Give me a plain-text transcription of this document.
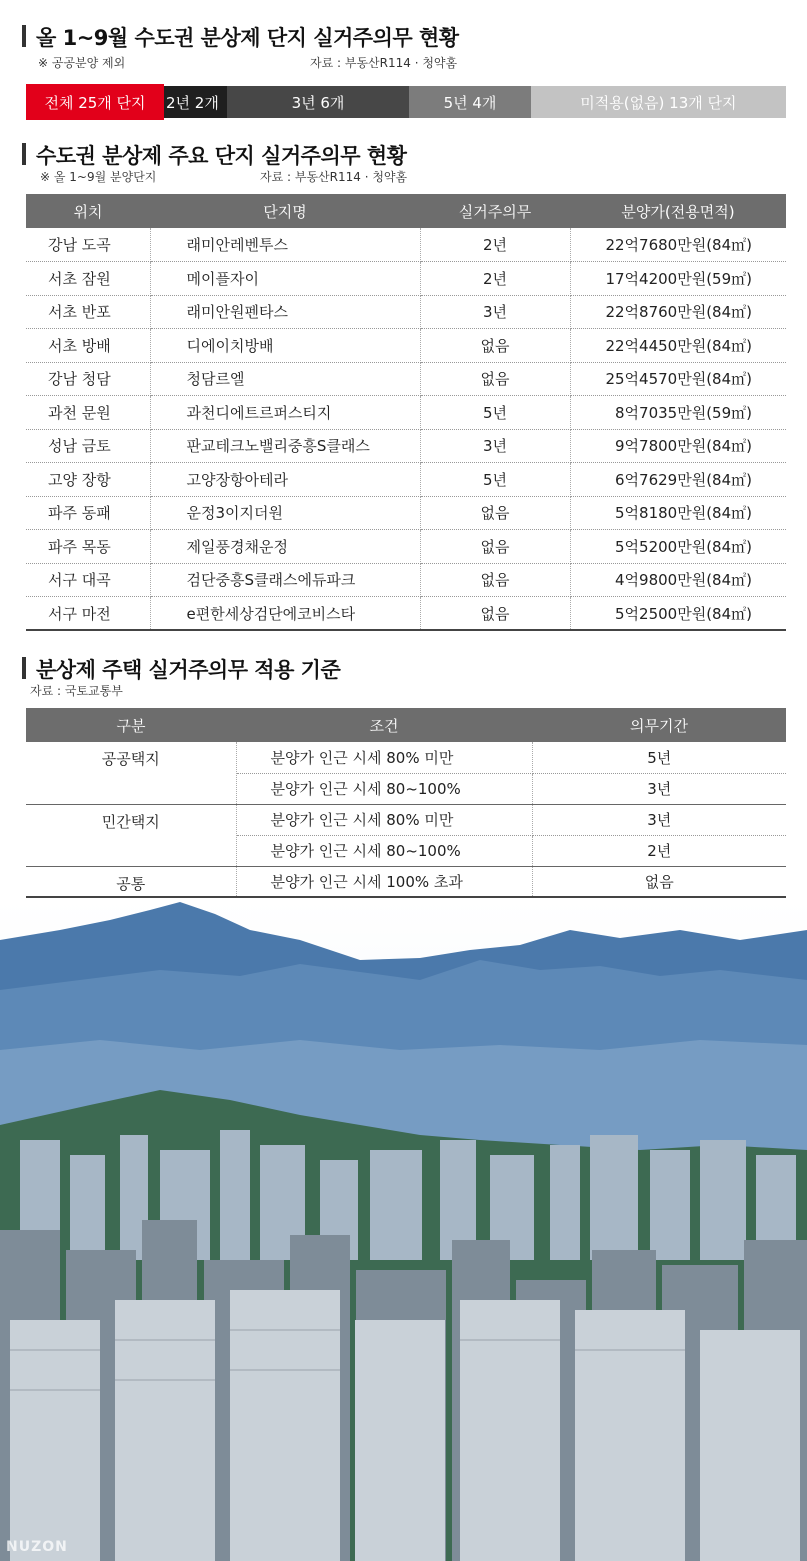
올 1~9월 수도권 분상제 단지 실거주의무 현황
※ 공공분양 제외	자료 : 부동산R114 · 청약홈
전체 25개 단지	2년 2개	3년 6개	5년 4개	미적용(없음) 13개 단지
수도권 분상제 주요 단지 실거주의무 현황
※ 올 1~9월 분양단지	자료 : 부동산R114 · 청약홈
위치	단지명	실거주의무	분양가(전용면적)
강남 도곡	래미안레벤투스	2년	22억7680만원(84㎡)
서초 잠원	메이플자이	2년	17억4200만원(59㎡)
서초 반포	래미안원펜타스	3년	22억8760만원(84㎡)
서초 방배	디에이치방배	없음	22억4450만원(84㎡)
강남 청담	청담르엘	없음	25억4570만원(84㎡)
과천 문원	과천디에트르퍼스티지	5년	8억7035만원(59㎡)
성남 금토	판교테크노밸리중흥S클래스	3년	9억7800만원(84㎡)
고양 장항	고양장항아테라	5년	6억7629만원(84㎡)
파주 동패	운정3이지더원	없음	5억8180만원(84㎡)
파주 목동	제일풍경채운정	없음	5억5200만원(84㎡)
서구 대곡	검단중흥S클래스에듀파크	없음	4억9800만원(84㎡)
서구 마전	e편한세상검단에코비스타	없음	5억2500만원(84㎡)
분상제 주택 실거주의무 적용 기준
자료 : 국토교통부
구분	조건	의무기간
공공택지	분양가 인근 시세 80% 미만	5년
	분양가 인근 시세 80~100%	3년
민간택지	분양가 인근 시세 80% 미만	3년
	분양가 인근 시세 80~100%	2년
공통	분양가 인근 시세 100% 초과	없음
NUZON
